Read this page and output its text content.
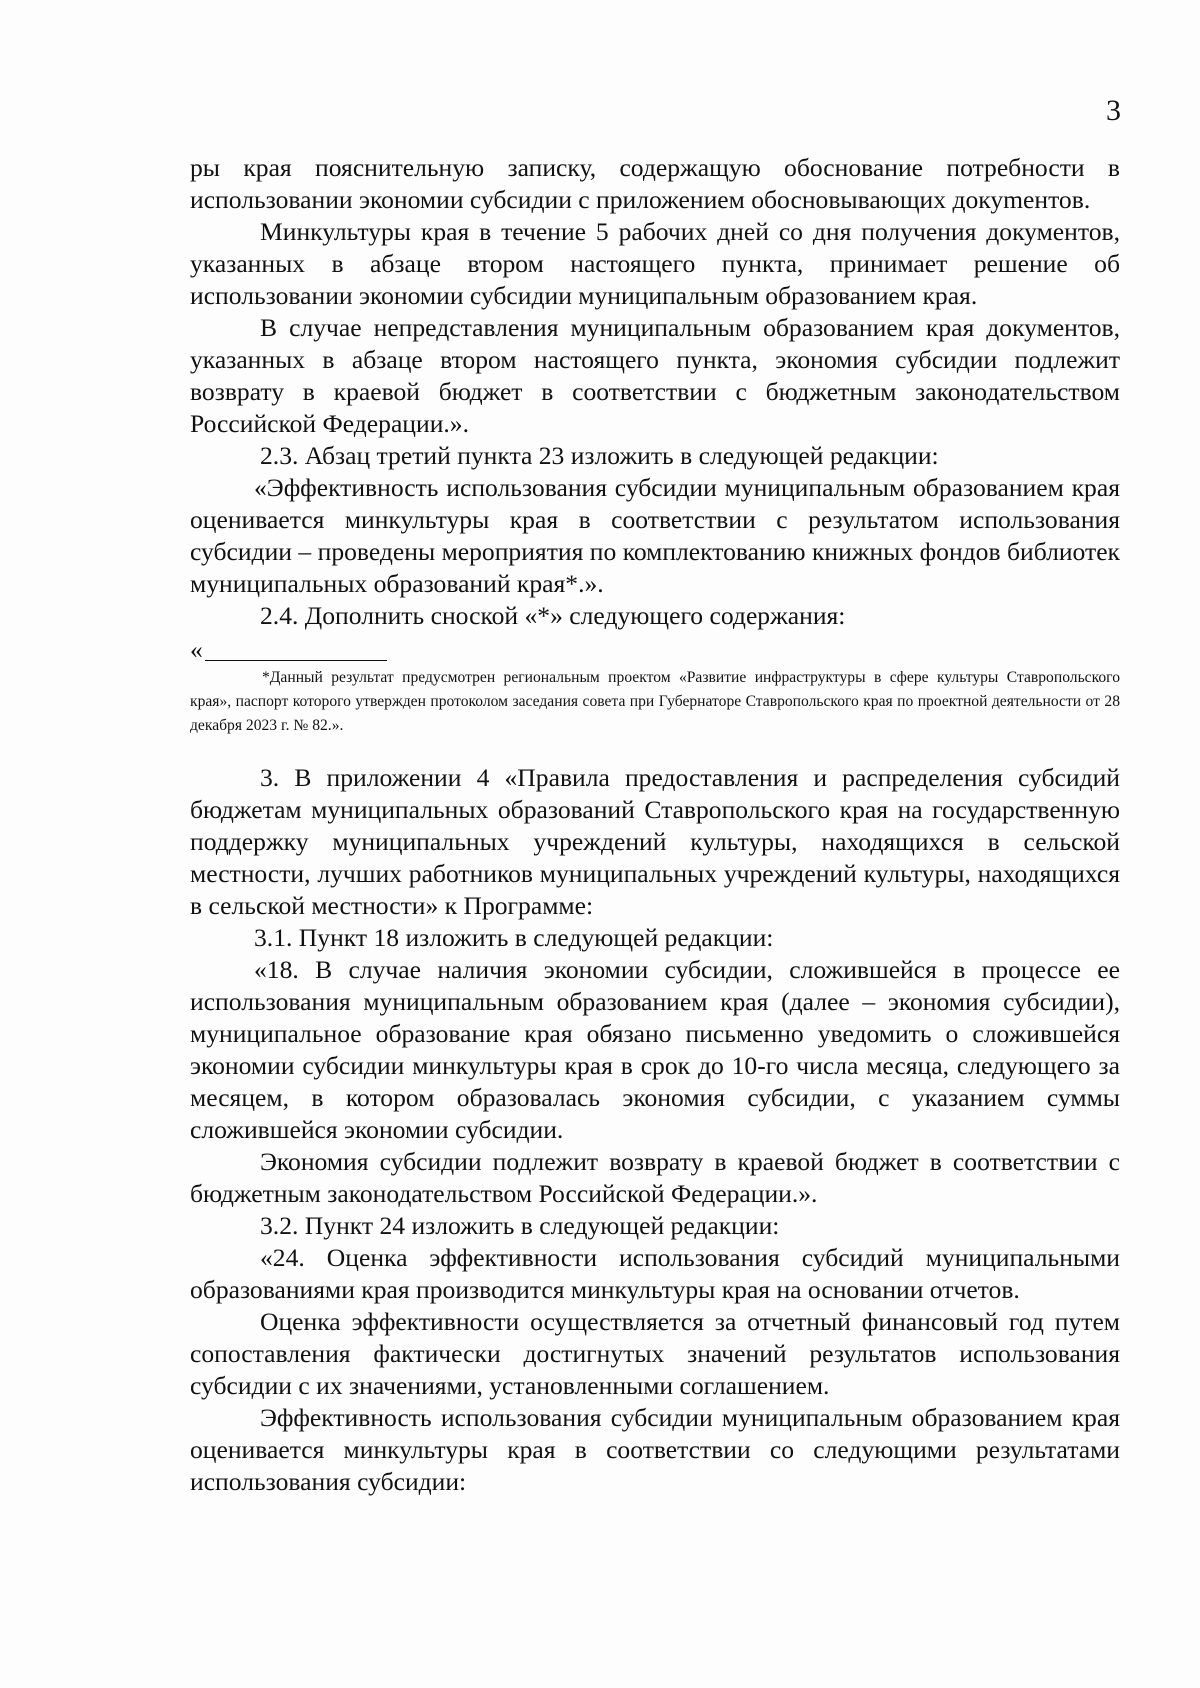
3

ры края пояснительную записку, содержащую обоснование потребности в использовании экономии субсидии с приложением обосновывающих докуmентов.

Минкультуры края в течение 5 рабочих дней со дня получения документов, указанных в абзаце втором настоящего пункта, принимает решение об использовании экономии субсидии муниципальным образованием края.

В случае непредставления муниципальным образованием края документов, указанных в абзаце втором настоящего пункта, экономия субсидии подлежит возврату в краевой бюджет в соответствии с бюджетным законодательством Российской Федерации.».

2.3. Абзац третий пункта 23 изложить в следующей редакции:

«Эффективность использования субсидии муниципальным образованием края оценивается минкультуры края в соответствии с результатом использования субсидии – проведены мероприятия по комплектованию книжных фондов библиотек муниципальных образований края*.».

2.4. Дополнить сноской «*» следующего содержания:

«

*Данный результат предусмотрен региональным проектом «Развитие инфраструктуры в сфере культуры Ставропольского края», паспорт которого утвержден протоколом заседания совета при Губернаторе Ставропольского края по проектной деятельности от 28 декабря 2023 г. № 82.».

3. В приложении 4 «Правила предоставления и распределения субсидий бюджетам муниципальных образований Ставропольского края на государственную поддержку муниципальных учреждений культуры, находящихся в сельской местности, лучших работников муниципальных учреждений культуры, находящихся в сельской местности» к Программе:

3.1. Пункт 18 изложить в следующей редакции:

«18. В случае наличия экономии субсидии, сложившейся в процессе ее использования муниципальным образованием края (далее – экономия субсидии), муниципальное образование края обязано письменно уведомить о сложившейся экономии субсидии минкультуры края в срок до 10-го числа месяца, следующего за месяцем, в котором образовалась экономия субсидии, с указанием суммы сложившейся экономии субсидии.

Экономия субсидии подлежит возврату в краевой бюджет в соответствии с бюджетным законодательством Российской Федерации.».

3.2. Пункт 24 изложить в следующей редакции:

«24. Оценка эффективности использования субсидий муниципальными образованиями края производится минкультуры края на основании отчетов.

Оценка эффективности осуществляется за отчетный финансовый год путем сопоставления фактически достигнутых значений результатов использования субсидии с их значениями, установленными соглашением.

Эффективность использования субсидии муниципальным образованием края оценивается минкультуры края в соответствии со следующими результатами использования субсидии:
